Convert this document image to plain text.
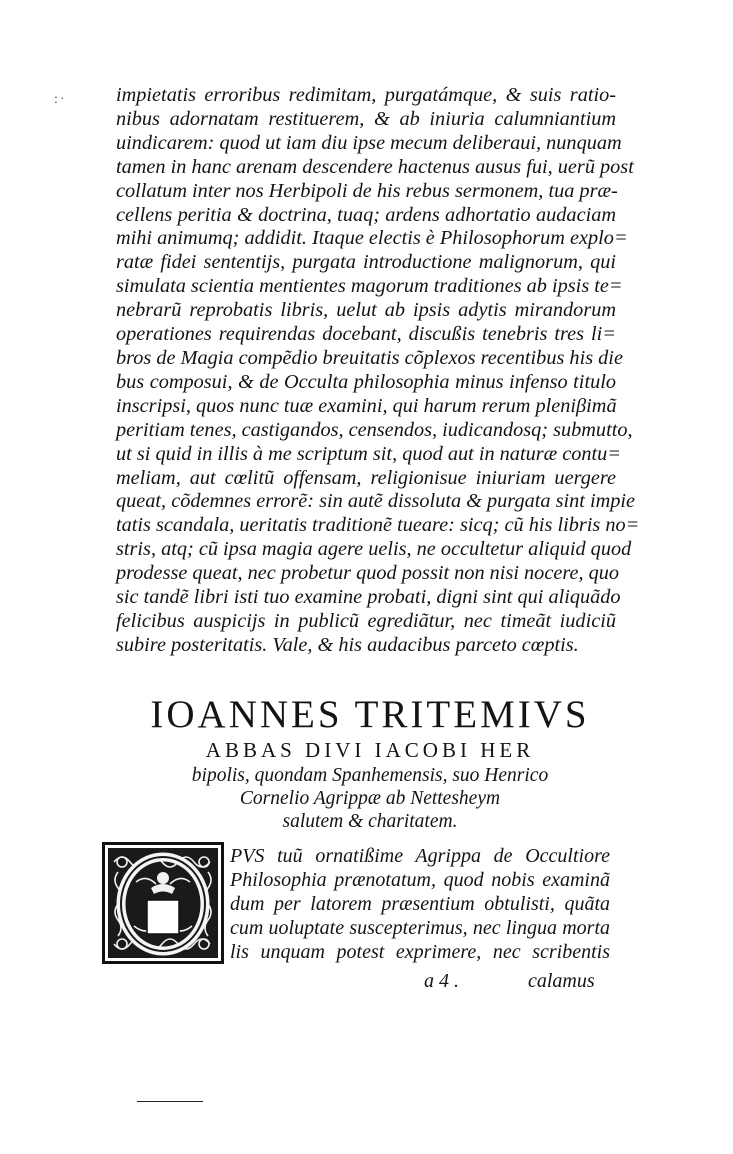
:· impietatis erroribus redimitam, purgatámque, & suis ratio-
nibus adornatam restituerem, & ab iniuria calumniantium
uindicarem: quod ut iam diu ipse mecum deliberaui, nunquam
tamen in hanc arenam descendere hactenus ausus fui, uerũ post
collatum inter nos Herbipoli de his rebus sermonem, tua præ-
cellens peritia & doctrina, tuaq; ardens adhortatio audaciam
mihi animumq; addidit. Itaque electis è Philosophorum explo=
ratæ fidei sententijs, purgata introductione malignorum, qui
simulata scientia mentientes magorum traditiones ab ipsis te=
nebrarũ reprobatis libris, uelut ab ipsis adytis mirandorum
operationes requirendas docebant, discußis tenebris tres li=
bros de Magia compẽdio breuitatis cõplexos recentibus his die
bus composui, & de Occulta philosophia minus infenso titulo
inscripsi, quos nunc tuæ examini, qui harum rerum pleniβimã
peritiam tenes, castigandos, censendos, iudicandosq; submutto,
ut si quid in illis à me scriptum sit, quod aut in naturæ contu=
meliam, aut cœlitũ offensam, religionisue iniuriam uergere
queat, cõdemnes errorẽ: sin autẽ dissoluta & purgata sint impie
tatis scandala, ueritatis traditionẽ tueare: sicq; cũ his libris no=
stris, atq; cũ ipsa magia agere uelis, ne occultetur aliquid quod
prodesse queat, nec probetur quod possit non nisi nocere, quo
sic tandẽ libri isti tuo examine probati, digni sint qui aliquãdo
felicibus auspicijs in publicũ egrediãtur, nec timeãt iudiciũ
subire posteritatis. Vale, & his audacibus parceto cœptis.
IOANNES TRITEMIVS
ABBAS DIVI IACOBI HER
bipolis, quondam Spanhemensis, suo Henrico
Cornelio Agrippæ ab Nettesheym
salutem & charitatem.
PVS tuũ ornatißime Agrippa de Occultiore
Philosophia prænotatum, quod nobis examinã
dum per latorem præsentium obtulisti, quãta
cum uoluptate suscepterimus, nec lingua morta
lis unquam potest exprimere, nec scribentis
a 4 .	calamus
